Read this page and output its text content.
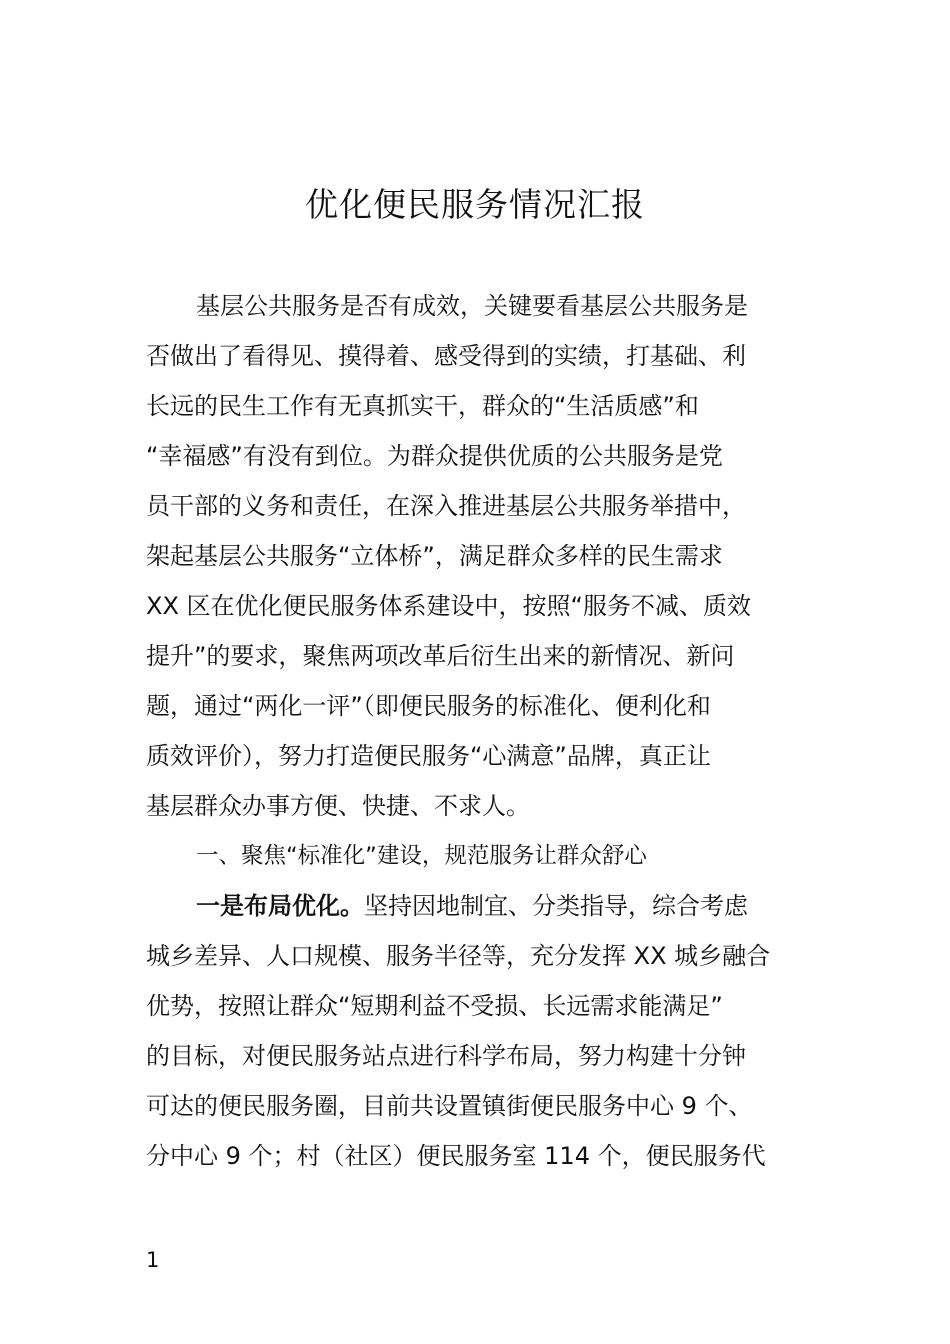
优化便民服务情况汇报
基层公共服务是否有成效，关键要看基层公共服务是
否做出了看得见、摸得着、感受得到的实绩，打基础、利
长远的民生工作有无真抓实干，群众的“生活质感”和
“幸福感”有没有到位。为群众提供优质的公共服务是党
员干部的义务和责任，在深入推进基层公共服务举措中，
架起基层公共服务“立体桥”，满足群众多样的民生需求
XX 区在优化便民服务体系建设中，按照“服务不减、质效
提升”的要求，聚焦两项改革后衍生出来的新情况、新问
题，通过“两化一评”（即便民服务的标准化、便利化和
质效评价），努力打造便民服务“心满意”品牌，真正让
基层群众办事方便、快捷、不求人。
一、聚焦“标准化”建设，规范服务让群众舒心
一是布局优化。坚持因地制宜、分类指导，综合考虑
城乡差异、人口规模、服务半径等，充分发挥 XX 城乡融合
优势，按照让群众“短期利益不受损、长远需求能满足”
的目标，对便民服务站点进行科学布局，努力构建十分钟
可达的便民服务圈，目前共设置镇街便民服务中心 9 个、
分中心 9 个；村（社区）便民服务室 114 个，便民服务代
1
